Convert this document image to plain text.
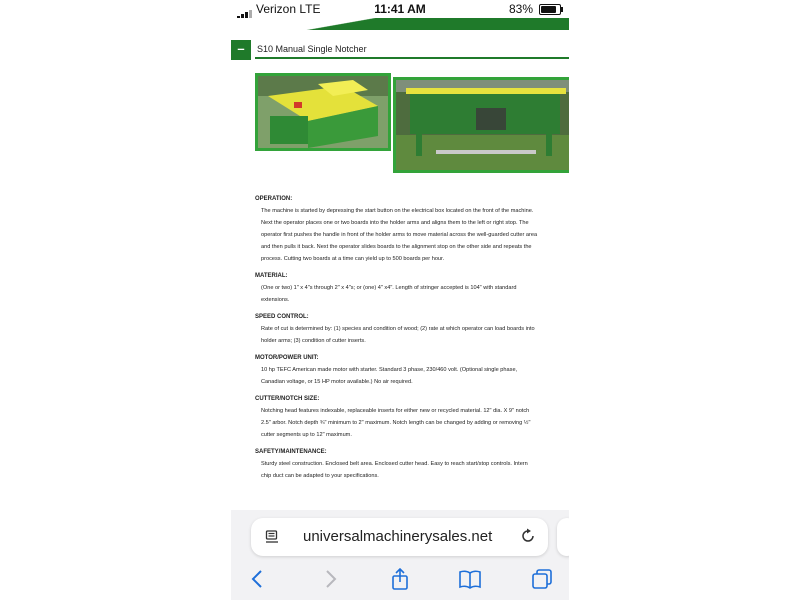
Verizon LTE	11:41 AM	83%
–	S10 Manual Single Notcher
OPERATION:
The machine is started by depressing the start button on the electrical box located on the front of the machine.
Next the operator places one or two boards into the holder arms and aligns them to the left or right stop. The
operator first pushes the handle in front of the holder arms to move material across the well-guarded cutter area
and then pulls it back. Next the operator slides boards to the alignment stop on the other side and repeats the
process. Cutting two boards at a time can yield up to 500 boards per hour.
MATERIAL:
(One or two) 1" x 4"s through 2" x 4"s; or (one) 4" x4". Length of stringer accepted is 104" with standard
extensions.
SPEED CONTROL:
Rate of cut is determined by: (1) species and condition of wood; (2) rate at which operator can load boards into
holder arms; (3) condition of cutter inserts.
MOTOR/POWER UNIT:
10 hp TEFC American made motor with starter. Standard 3 phase, 230/460 volt. (Optional single phase,
Canadian voltage, or 15 HP motor available.) No air required.
CUTTER/NOTCH SIZE:
Notching head features indexable, replaceable inserts for either new or recycled material. 12" dia. X 9" notch
2.5" arbor. Notch depth ¾" minimum to 2" maximum. Notch length can be changed by adding or removing ½"
cutter segments up to 12" maximum.
SAFETY/MAINTENANCE:
Sturdy steel construction. Enclosed belt area. Enclosed cutter head. Easy to reach start/stop controls. Intern
chip duct can be adapted to your specifications.
universalmachinerysales.net
